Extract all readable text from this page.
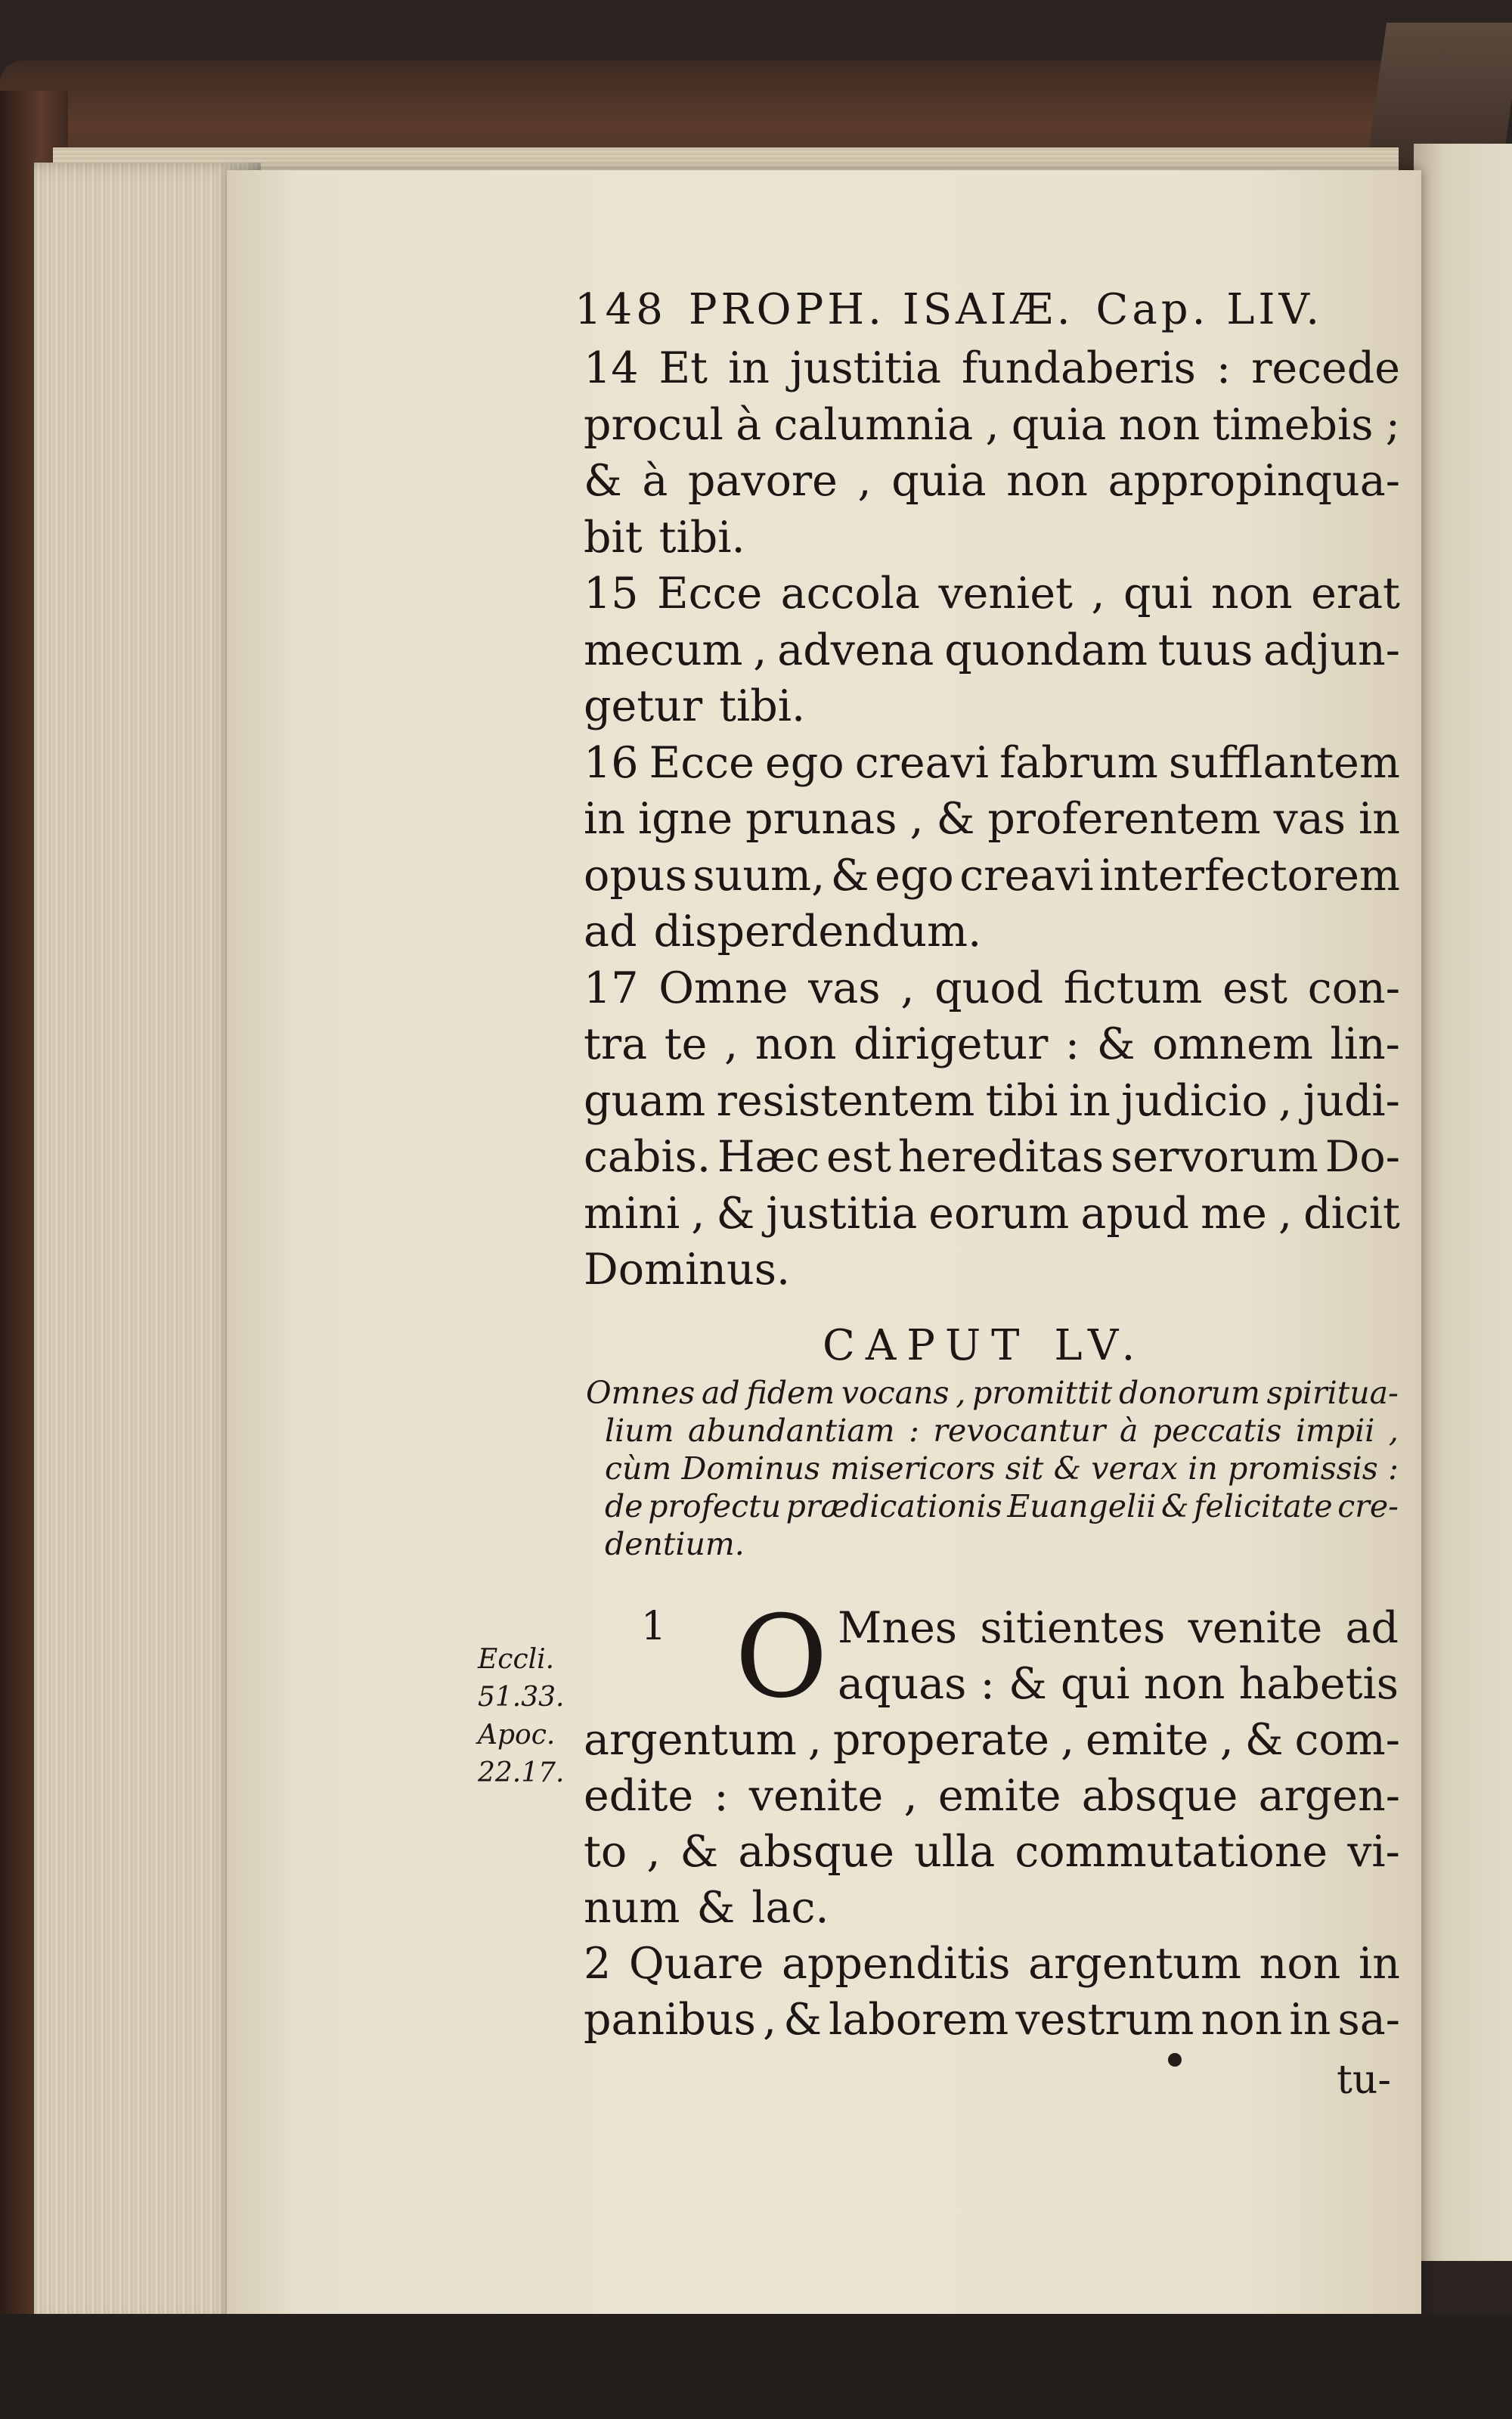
148 PROPH. ISAIÆ. Cap. LIV.
14 Et in justitia fundaberis : recede
procul à calumnia , quia non timebis ;
& à pavore , quia non appropinqua-
bit tibi.
15 Ecce accola veniet , qui non erat
mecum , advena quondam tuus adjun-
getur tibi.
16 Ecce ego creavi fabrum sufflantem
in igne prunas , & proferentem vas in
opus suum, & ego creavi interfectorem
ad disperdendum.
17 Omne vas , quod fictum est con-
tra te , non dirigetur : & omnem lin-
guam resistentem tibi in judicio , judi-
cabis. Hæc est hereditas servorum Do-
mini , & justitia eorum apud me , dicit
Dominus.
CAPUT LV.
Omnes ad fidem vocans , promittit donorum spiritua-
lium abundantiam : revocantur à peccatis impii ,
cùm Dominus misericors sit & verax in promissis :
de profectu prædicationis Euangelii & felicitate cre-
dentium.
1 O Mnes sitientes venite ad
aquas : & qui non habetis
argentum , properate , emite , & com-
edite : venite , emite absque argen-
to , & absque ulla commutatione vi-
num & lac.
2 Quare appenditis argentum non in
panibus , & laborem vestrum non in sa-
Eccli.
51.33.
Apoc.
22.17.
tu-
